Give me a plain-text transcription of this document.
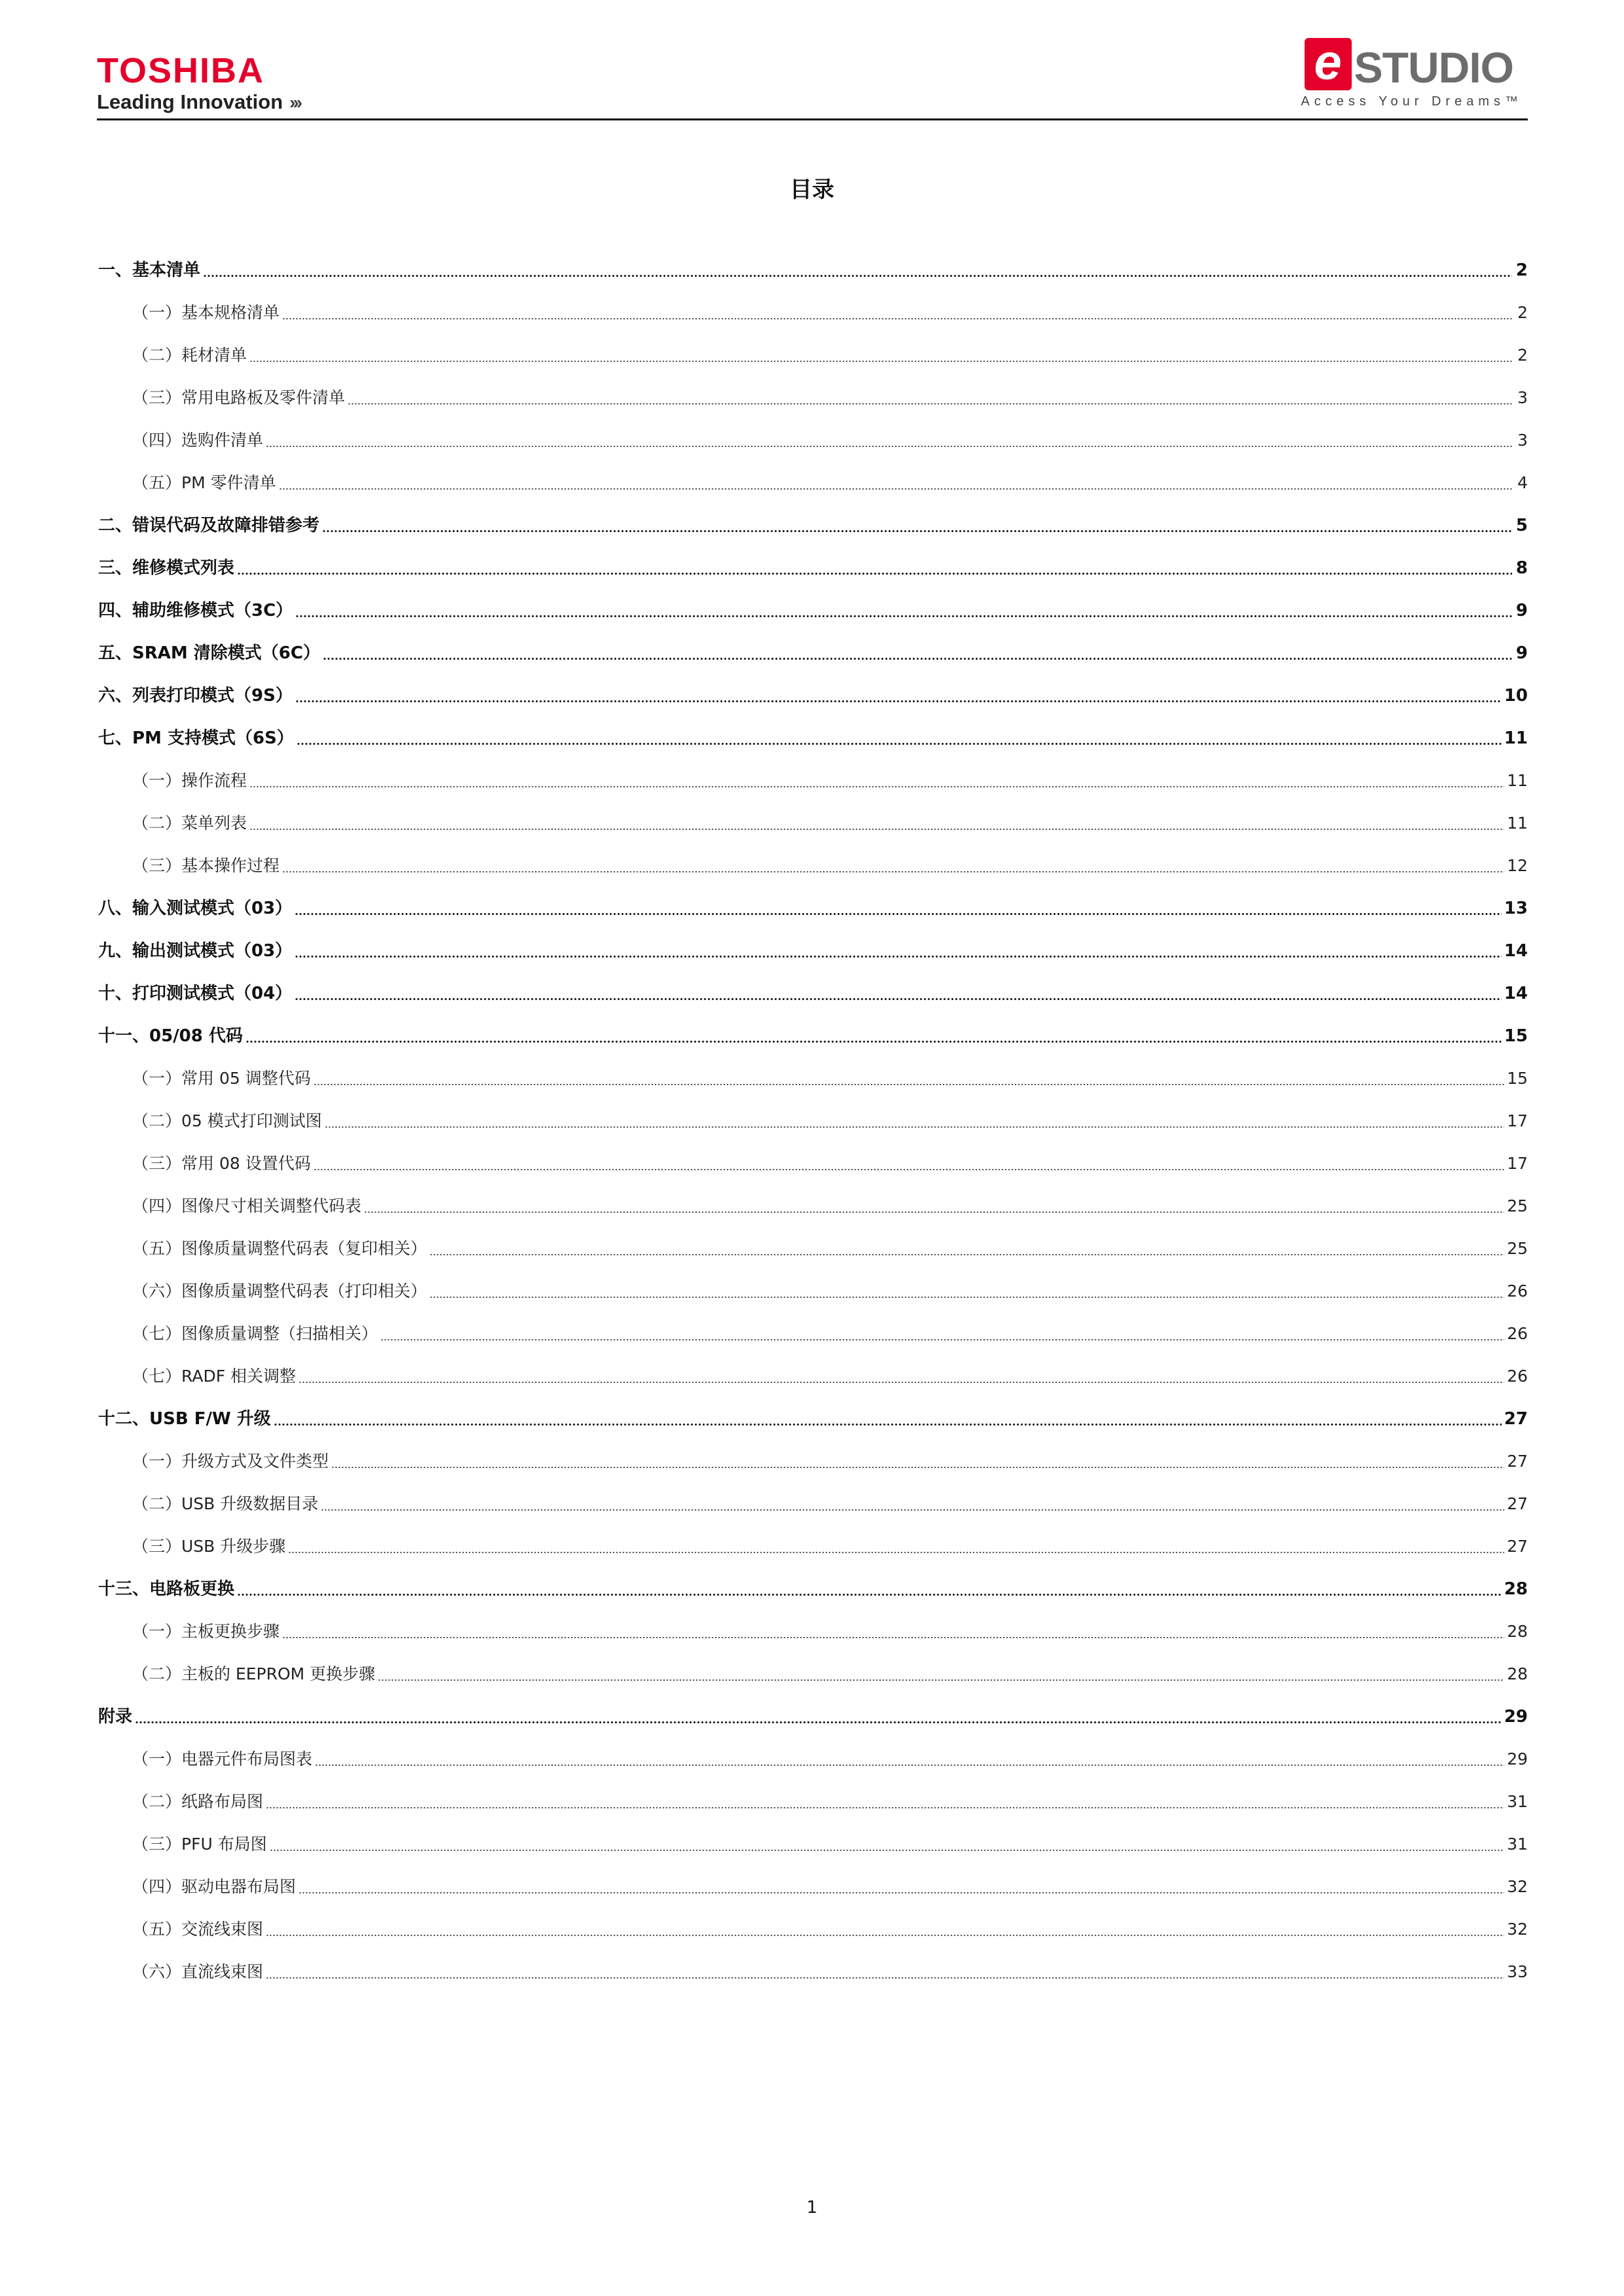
TOSHIBA
Leading Innovation ›››
e STUDIO
Access Your Dreams™
目录
一、基本清单	2
（一）基本规格清单	2
（二）耗材清单	2
（三）常用电路板及零件清单	3
（四）选购件清单	3
（五）PM 零件清单	4
二、错误代码及故障排错参考	5
三、维修模式列表	8
四、辅助维修模式（3C）	9
五、SRAM 清除模式（6C）	9
六、列表打印模式（9S）	10
七、PM 支持模式（6S）	11
（一）操作流程	11
（二）菜单列表	11
（三）基本操作过程	12
八、输入测试模式（03）	13
九、输出测试模式（03）	14
十、打印测试模式（04）	14
十一、05/08 代码	15
（一）常用 05 调整代码	15
（二）05 模式打印测试图	17
（三）常用 08 设置代码	17
（四）图像尺寸相关调整代码表	25
（五）图像质量调整代码表（复印相关）	25
（六）图像质量调整代码表（打印相关）	26
（七）图像质量调整（扫描相关）	26
（七）RADF 相关调整	26
十二、USB F/W 升级	27
（一）升级方式及文件类型	27
（二）USB 升级数据目录	27
（三）USB 升级步骤	27
十三、电路板更换	28
（一）主板更换步骤	28
（二）主板的 EEPROM 更换步骤	28
附录	29
（一）电器元件布局图表	29
（二）纸路布局图	31
（三）PFU 布局图	31
（四）驱动电器布局图	32
（五）交流线束图	32
（六）直流线束图	33
1
